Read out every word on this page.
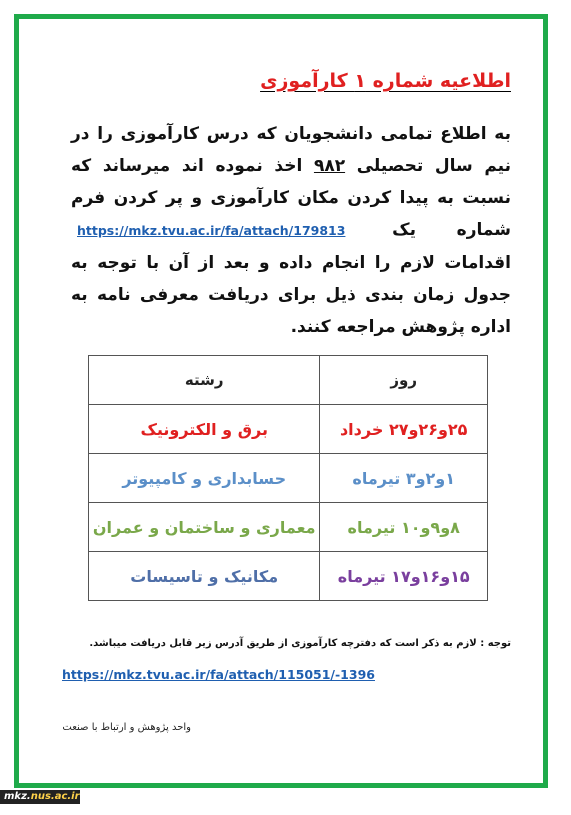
اطلاعیه شماره ۱ کارآموزی
به اطلاع تمامی دانشجویان که درس کارآموزی را در نیم سال تحصیلی ۹۸۲ اخذ نموده اند میرساند که نسبت به پیدا کردن مکان کارآموزی و پر کردن فرم شماره یک https://mkz.tvu.ac.ir/fa/attach/179813 اقدامات لازم را انجام داده و بعد از آن با توجه به جدول زمان بندی ذیل برای دریافت معرفی نامه به اداره پژوهش مراجعه کنند.
روز	رشته
۲۵و۲۶و۲۷ خرداد	برق و الکترونیک
۱و۲و۳ تیرماه	حسابداری و کامپیوتر
۸و۹و۱۰ تیرماه	معماری و ساختمان و عمران
۱۵و۱۶و۱۷ تیرماه	مکانیک و تاسیسات
توجه : لازم به ذکر است که دفترچه کارآموزی از طریق آدرس زیر قابل دریافت میباشد.
https://mkz.tvu.ac.ir/fa/attach/115051/-1396
واحد پژوهش و ارتباط با صنعت
mkz.nus.ac.ir
